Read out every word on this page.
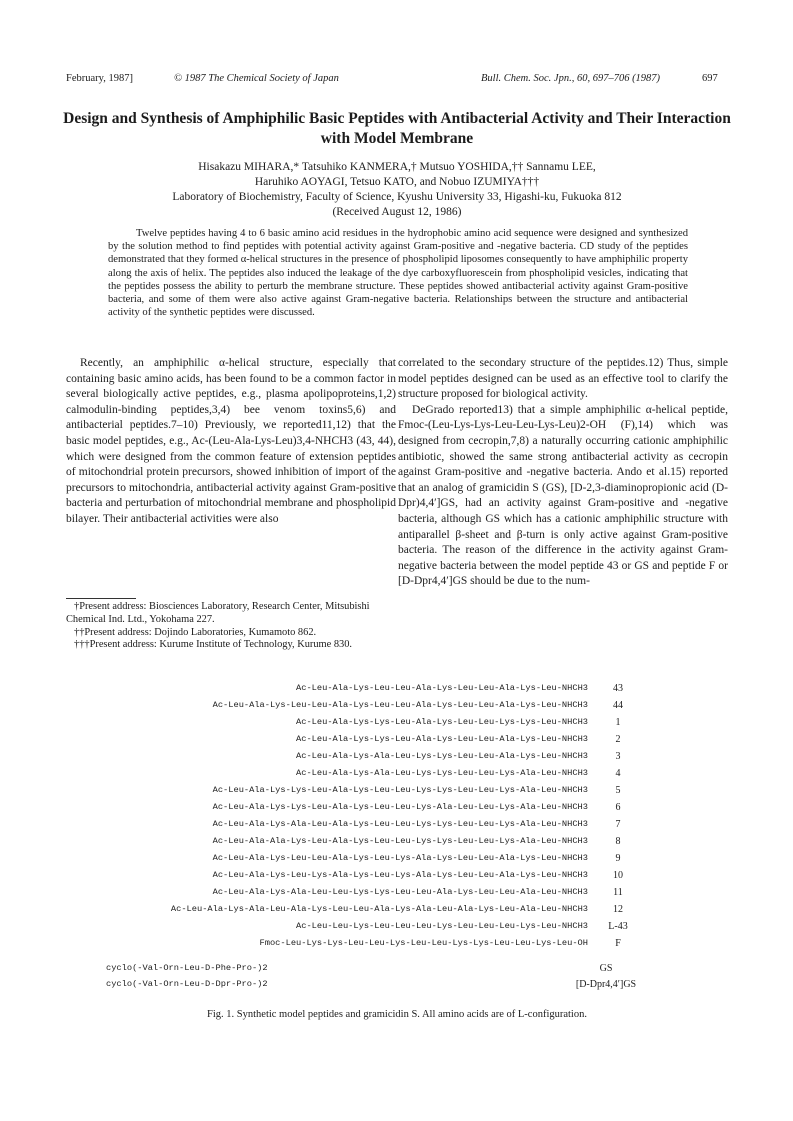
February, 1987]	© 1987 The Chemical Society of Japan	Bull. Chem. Soc. Jpn., 60, 697–706 (1987)	697
Design and Synthesis of Amphiphilic Basic Peptides with Antibacterial Activity and Their Interaction with Model Membrane
Hisakazu MIHARA,* Tatsuhiko KANMERA,† Mutsuo YOSHIDA,†† Sannamu LEE,
Haruhiko AOYAGI, Tetsuo KATO, and Nobuo IZUMIYA†††
Laboratory of Biochemistry, Faculty of Science, Kyushu University 33, Higashi-ku, Fukuoka 812
(Received August 12, 1986)
Twelve peptides having 4 to 6 basic amino acid residues in the hydrophobic amino acid sequence were designed and synthesized by the solution method to find peptides with potential activity against Gram-positive and -negative bacteria. CD study of the peptides demonstrated that they formed α-helical structures in the presence of phospholipid liposomes consequently to have amphiphilic property along the axis of helix. The peptides also induced the leakage of the dye carboxyfluorescein from phospholipid vesicles, indicating that the peptides possess the ability to perturb the membrane structure. These peptides showed antibacterial activity against Gram-positive bacteria, and some of them were also active against Gram-negative bacteria. Relationships between the structure and antibacterial activity of the synthetic peptides were discussed.

Recently, an amphiphilic α-helical structure, especially that containing basic amino acids, has been found to be a common factor in several biologically active peptides, e.g., plasma apolipoproteins,1,2) calmodulin-binding peptides,3,4) bee venom toxins5,6) and antibacterial peptides.7–10) Previously, we reported11,12) that the basic model peptides, e.g., Ac-(Leu-Ala-Lys-Leu)3,4-NHCH3 (43, 44), which were designed from the common feature of extension peptides of mitochondrial protein precursors, showed inhibition of import of the precursors to mitochondria, antibacterial activity against Gram-positive bacteria and perturbation of mitochondrial membrane and phospholipid bilayer. Their antibacterial activities were also

correlated to the secondary structure of the peptides.12) Thus, simple model peptides designed can be used as an effective tool to clarify the structure proposed for biological activity.

DeGrado reported13) that a simple amphiphilic α-helical peptide, Fmoc-(Leu-Lys-Lys-Leu-Leu-Lys-Leu)2-OH (F),14) which was designed from cecropin,7,8) a naturally occurring cationic amphiphilic antibiotic, showed the same strong antibacterial activity as cecropin against Gram-positive and -negative bacteria. Ando et al.15) reported that an analog of gramicidin S (GS), [D-2,3-diaminopropionic acid (D-Dpr)4,4′]GS, had an activity against Gram-positive and -negative bacteria, although GS which has a cationic amphiphilic structure with antiparallel β-sheet and β-turn is only active against Gram-positive bacteria. The reason of the difference in the activity against Gram-negative bacteria between the model peptide 43 or GS and peptide F or [D-Dpr4,4′]GS should be due to the num-

†Present address: Biosciences Laboratory, Research Center, Mitsubishi Chemical Ind. Ltd., Yokohama 227.
††Present address: Dojindo Laboratories, Kumamoto 862.
†††Present address: Kurume Institute of Technology, Kurume 830.
Ac-Leu-Ala-Lys-Leu-Leu-Ala-Lys-Leu-Leu-Ala-Lys-Leu-NHCH3	43
Ac-Leu-Ala-Lys-Leu-Leu-Ala-Lys-Leu-Leu-Ala-Lys-Leu-Leu-Ala-Lys-Leu-NHCH3	44
Ac-Leu-Ala-Lys-Lys-Leu-Ala-Lys-Leu-Leu-Lys-Lys-Leu-NHCH3	1
Ac-Leu-Ala-Lys-Lys-Leu-Ala-Lys-Leu-Leu-Ala-Lys-Leu-NHCH3	2
Ac-Leu-Ala-Lys-Ala-Leu-Lys-Lys-Leu-Leu-Ala-Lys-Leu-NHCH3	3
Ac-Leu-Ala-Lys-Ala-Leu-Lys-Lys-Leu-Leu-Lys-Ala-Leu-NHCH3	4
Ac-Leu-Ala-Lys-Lys-Leu-Ala-Lys-Leu-Leu-Lys-Lys-Leu-Leu-Lys-Ala-Leu-NHCH3	5
Ac-Leu-Ala-Lys-Lys-Leu-Ala-Lys-Leu-Leu-Lys-Ala-Leu-Leu-Lys-Ala-Leu-NHCH3	6
Ac-Leu-Ala-Lys-Ala-Leu-Ala-Lys-Leu-Leu-Lys-Lys-Leu-Leu-Lys-Ala-Leu-NHCH3	7
Ac-Leu-Ala-Ala-Lys-Leu-Ala-Lys-Leu-Leu-Lys-Lys-Leu-Leu-Lys-Ala-Leu-NHCH3	8
Ac-Leu-Ala-Lys-Leu-Leu-Ala-Lys-Leu-Lys-Ala-Lys-Leu-Leu-Ala-Lys-Leu-NHCH3	9
Ac-Leu-Ala-Lys-Leu-Lys-Ala-Lys-Leu-Lys-Ala-Lys-Leu-Leu-Ala-Lys-Leu-NHCH3	10
Ac-Leu-Ala-Lys-Ala-Leu-Leu-Lys-Lys-Leu-Leu-Ala-Lys-Leu-Leu-Ala-Leu-NHCH3	11
Ac-Leu-Ala-Lys-Ala-Leu-Ala-Lys-Leu-Leu-Ala-Lys-Ala-Leu-Ala-Lys-Leu-Ala-Leu-NHCH3	12
Ac-Leu-Leu-Lys-Leu-Leu-Leu-Lys-Leu-Leu-Leu-Lys-Leu-NHCH3	L-43
Fmoc-Leu-Lys-Lys-Leu-Leu-Lys-Leu-Leu-Lys-Lys-Leu-Leu-Lys-Leu-OH	F
cyclo(-Val-Orn-Leu-D-Phe-Pro-)2	GS
cyclo(-Val-Orn-Leu-D-Dpr-Pro-)2	[D-Dpr4,4′]GS
Fig. 1. Synthetic model peptides and gramicidin S. All amino acids are of L-configuration.
